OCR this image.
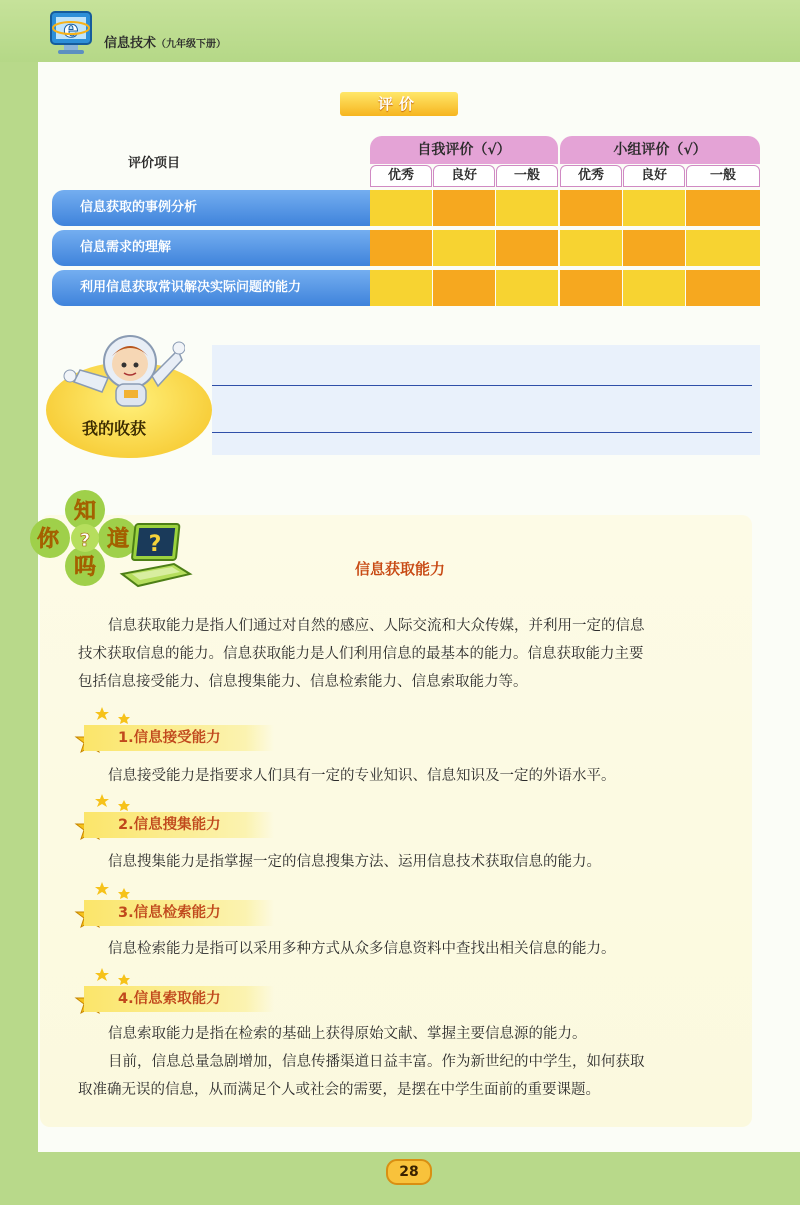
e
信息技术（九年级下册）
评价
评价项目
自我评价（√）	小组评价（√）
优秀	良好	一般	优秀	良好	一般
信息获取的事例分析
信息需求的理解
利用信息获取常识解决实际问题的能力
我的收获
知
你 ? 道
吗
?
信息获取能力
信息获取能力是指人们通过对自然的感应、人际交流和大众传媒，并利用一定的信息
技术获取信息的能力。信息获取能力是人们利用信息的最基本的能力。信息获取能力主要
包括信息接受能力、信息搜集能力、信息检索能力、信息索取能力等。
1.信息接受能力
信息接受能力是指要求人们具有一定的专业知识、信息知识及一定的外语水平。
2.信息搜集能力
信息搜集能力是指掌握一定的信息搜集方法、运用信息技术获取信息的能力。
3.信息检索能力
信息检索能力是指可以采用多种方式从众多信息资料中查找出相关信息的能力。
4.信息索取能力
信息索取能力是指在检索的基础上获得原始文献、掌握主要信息源的能力。
目前，信息总量急剧增加，信息传播渠道日益丰富。作为新世纪的中学生，如何获取
取准确无误的信息，从而满足个人或社会的需要，是摆在中学生面前的重要课题。
28
